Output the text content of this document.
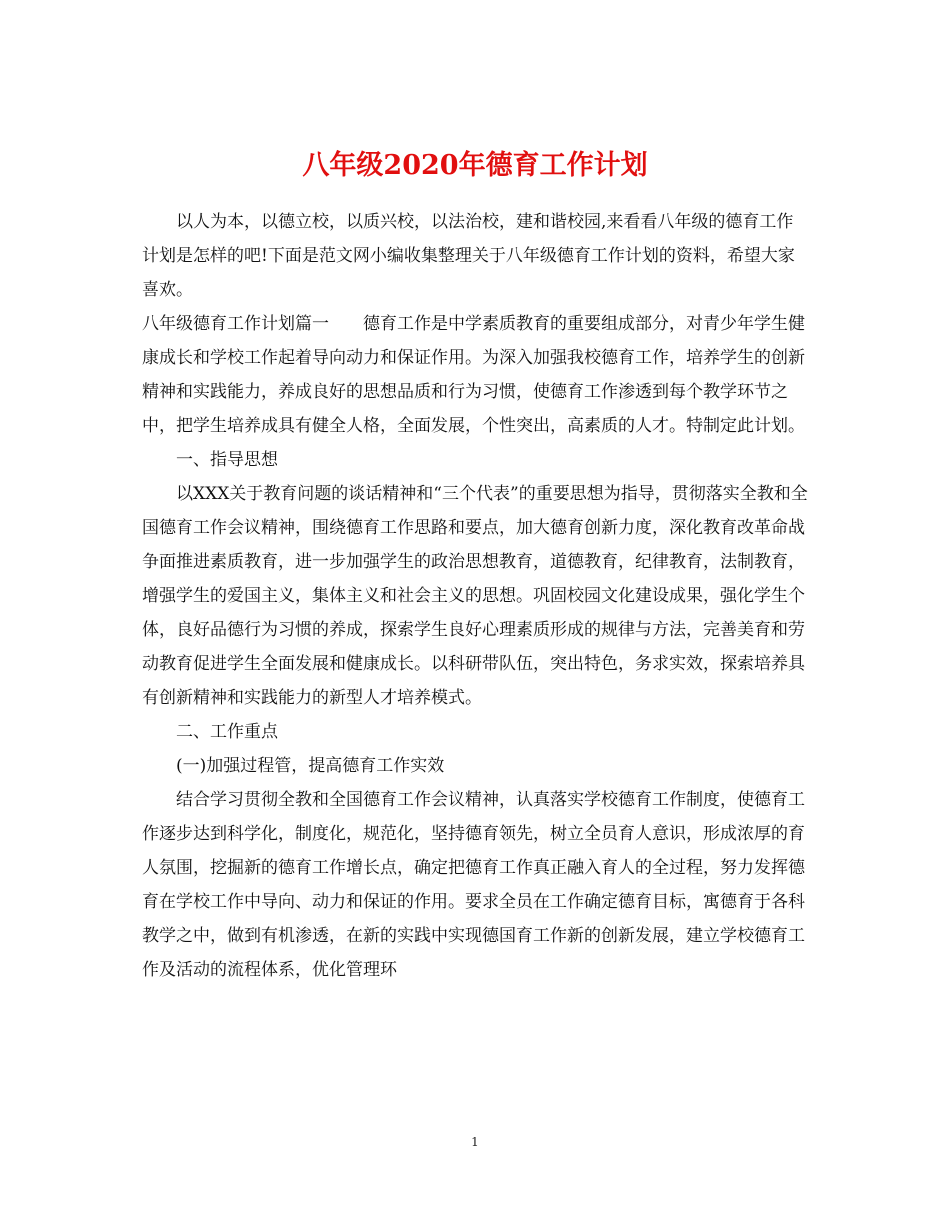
八年级2020年德育工作计划

以人为本，以德立校，以质兴校，以法治校，建和谐校园,来看看八年级的德育工作计划是怎样的吧!下面是范文网小编收集整理关于八年级德育工作计划的资料，希望大家喜欢。

八年级德育工作计划篇一　　德育工作是中学素质教育的重要组成部分，对青少年学生健康成长和学校工作起着导向动力和保证作用。为深入加强我校德育工作，培养学生的创新精神和实践能力，养成良好的思想品质和行为习惯，使德育工作渗透到每个教学环节之中，把学生培养成具有健全人格，全面发展，个性突出，高素质的人才。特制定此计划。

一、指导思想

以XXX关于教育问题的谈话精神和“三个代表”的重要思想为指导，贯彻落实全教和全国德育工作会议精神，围绕德育工作思路和要点，加大德育创新力度，深化教育改革命战争面推进素质教育，进一步加强学生的政治思想教育，道德教育，纪律教育，法制教育，增强学生的爱国主义，集体主义和社会主义的思想。巩固校园文化建设成果，强化学生个体，良好品德行为习惯的养成，探索学生良好心理素质形成的规律与方法，完善美育和劳动教育促进学生全面发展和健康成长。以科研带队伍，突出特色，务求实效，探索培养具有创新精神和实践能力的新型人才培养模式。

二、工作重点

(一)加强过程管，提高德育工作实效

结合学习贯彻全教和全国德育工作会议精神，认真落实学校德育工作制度，使德育工作逐步达到科学化，制度化，规范化，坚持德育领先，树立全员育人意识，形成浓厚的育人氛围，挖掘新的德育工作增长点，确定把德育工作真正融入育人的全过程，努力发挥德育在学校工作中导向、动力和保证的作用。要求全员在工作确定德育目标，寓德育于各科教学之中，做到有机渗透，在新的实践中实现德国育工作新的创新发展，建立学校德育工作及活动的流程体系，优化管理环

1
